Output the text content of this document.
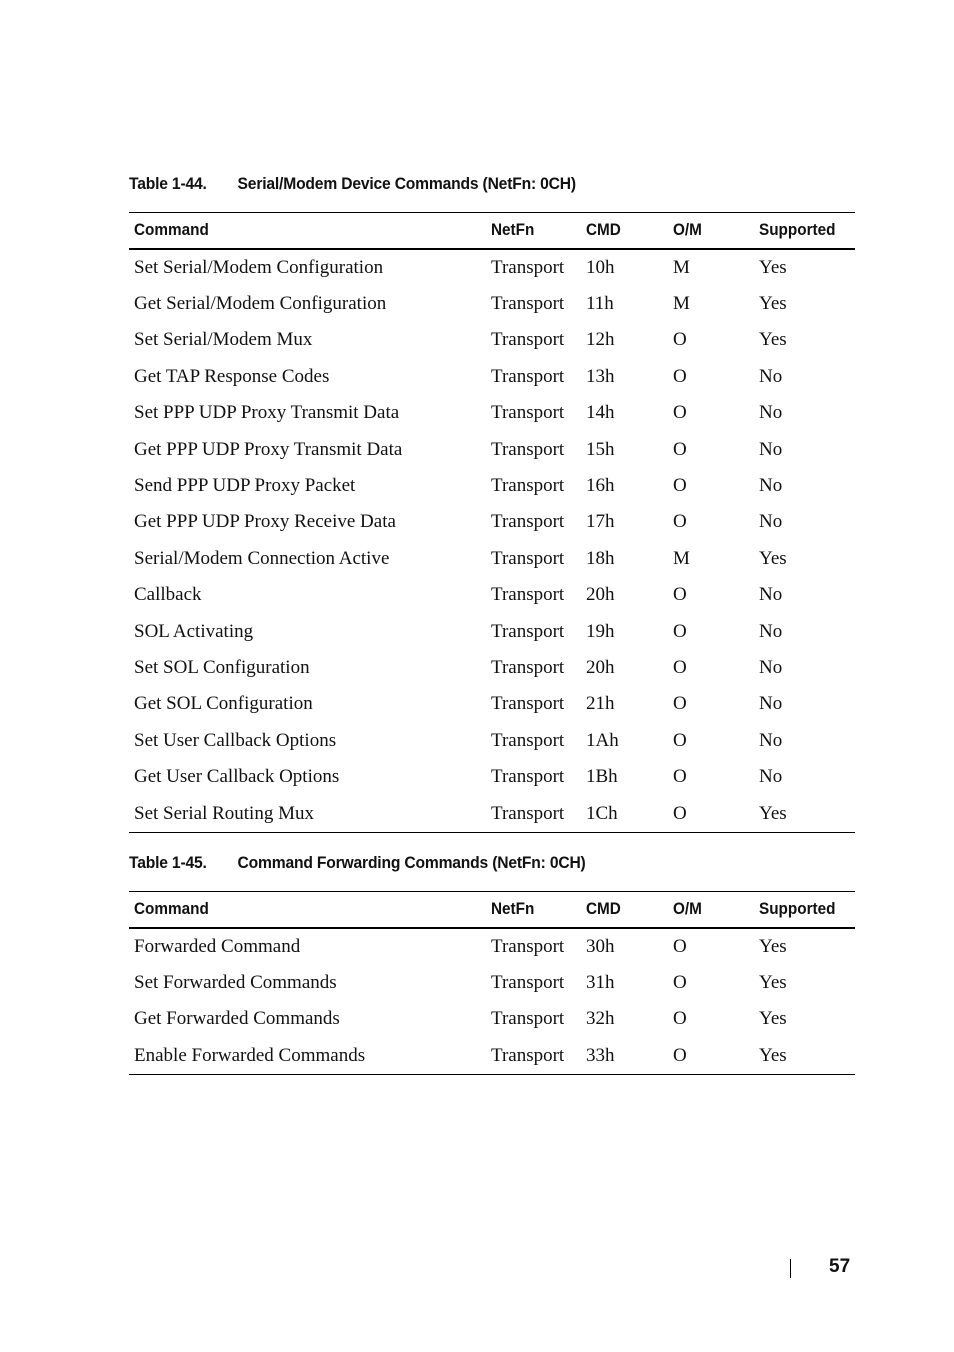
Table 1-44. Serial/Modem Device Commands (NetFn: 0CH)
Command	NetFn	CMD	O/M	Supported
Set Serial/Modem Configuration	Transport	10h	M	Yes
Get Serial/Modem Configuration	Transport	11h	M	Yes
Set Serial/Modem Mux	Transport	12h	O	Yes
Get TAP Response Codes	Transport	13h	O	No
Set PPP UDP Proxy Transmit Data	Transport	14h	O	No
Get PPP UDP Proxy Transmit Data	Transport	15h	O	No
Send PPP UDP Proxy Packet	Transport	16h	O	No
Get PPP UDP Proxy Receive Data	Transport	17h	O	No
Serial/Modem Connection Active	Transport	18h	M	Yes
Callback	Transport	20h	O	No
SOL Activating	Transport	19h	O	No
Set SOL Configuration	Transport	20h	O	No
Get SOL Configuration	Transport	21h	O	No
Set User Callback Options	Transport	1Ah	O	No
Get User Callback Options	Transport	1Bh	O	No
Set Serial Routing Mux	Transport	1Ch	O	Yes
Table 1-45. Command Forwarding Commands (NetFn: 0CH)
Command	NetFn	CMD	O/M	Supported
Forwarded Command	Transport	30h	O	Yes
Set Forwarded Commands	Transport	31h	O	Yes
Get Forwarded Commands	Transport	32h	O	Yes
Enable Forwarded Commands	Transport	33h	O	Yes
57
